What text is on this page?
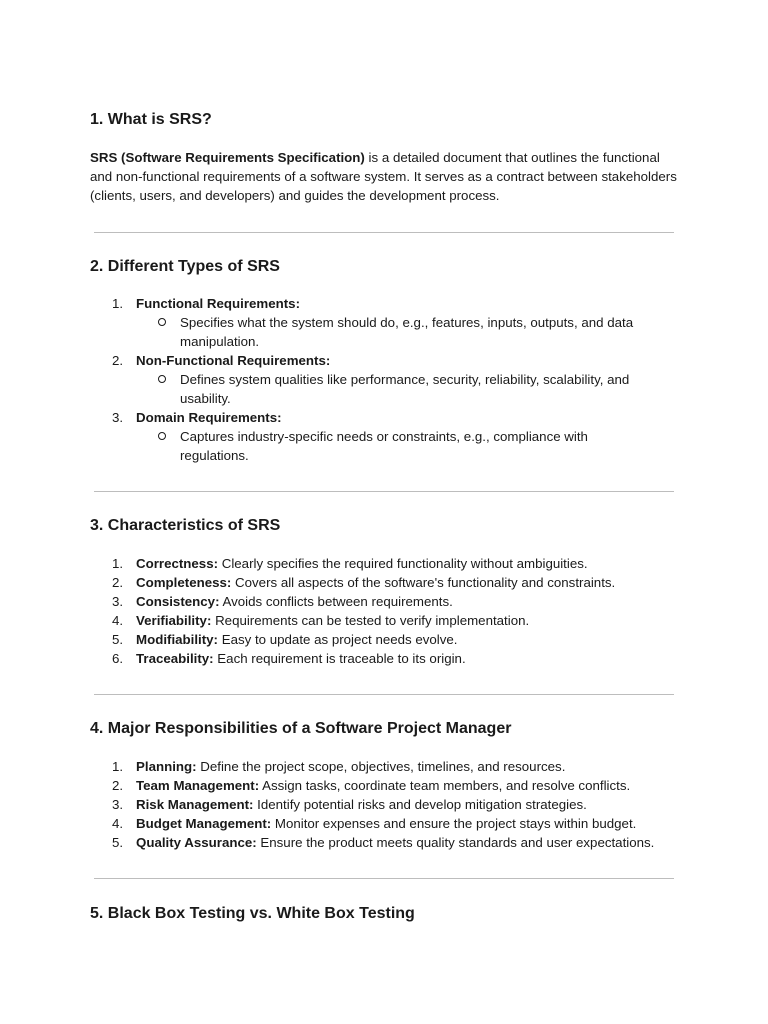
1. What is SRS?

SRS (Software Requirements Specification) is a detailed document that outlines the functional and non-functional requirements of a software system. It serves as a contract between stakeholders (clients, users, and developers) and guides the development process.

2. Different Types of SRS
1. Functional Requirements:
Specifies what the system should do, e.g., features, inputs, outputs, and data manipulation.
2. Non-Functional Requirements:
Defines system qualities like performance, security, reliability, scalability, and usability.
3. Domain Requirements:
Captures industry-specific needs or constraints, e.g., compliance with regulations.
3. Characteristics of SRS
1. Correctness: Clearly specifies the required functionality without ambiguities.
2. Completeness: Covers all aspects of the software's functionality and constraints.
3. Consistency: Avoids conflicts between requirements.
4. Verifiability: Requirements can be tested to verify implementation.
5. Modifiability: Easy to update as project needs evolve.
6. Traceability: Each requirement is traceable to its origin.
4. Major Responsibilities of a Software Project Manager
1. Planning: Define the project scope, objectives, timelines, and resources.
2. Team Management: Assign tasks, coordinate team members, and resolve conflicts.
3. Risk Management: Identify potential risks and develop mitigation strategies.
4. Budget Management: Monitor expenses and ensure the project stays within budget.
5. Quality Assurance: Ensure the product meets quality standards and user expectations.
5. Black Box Testing vs. White Box Testing
